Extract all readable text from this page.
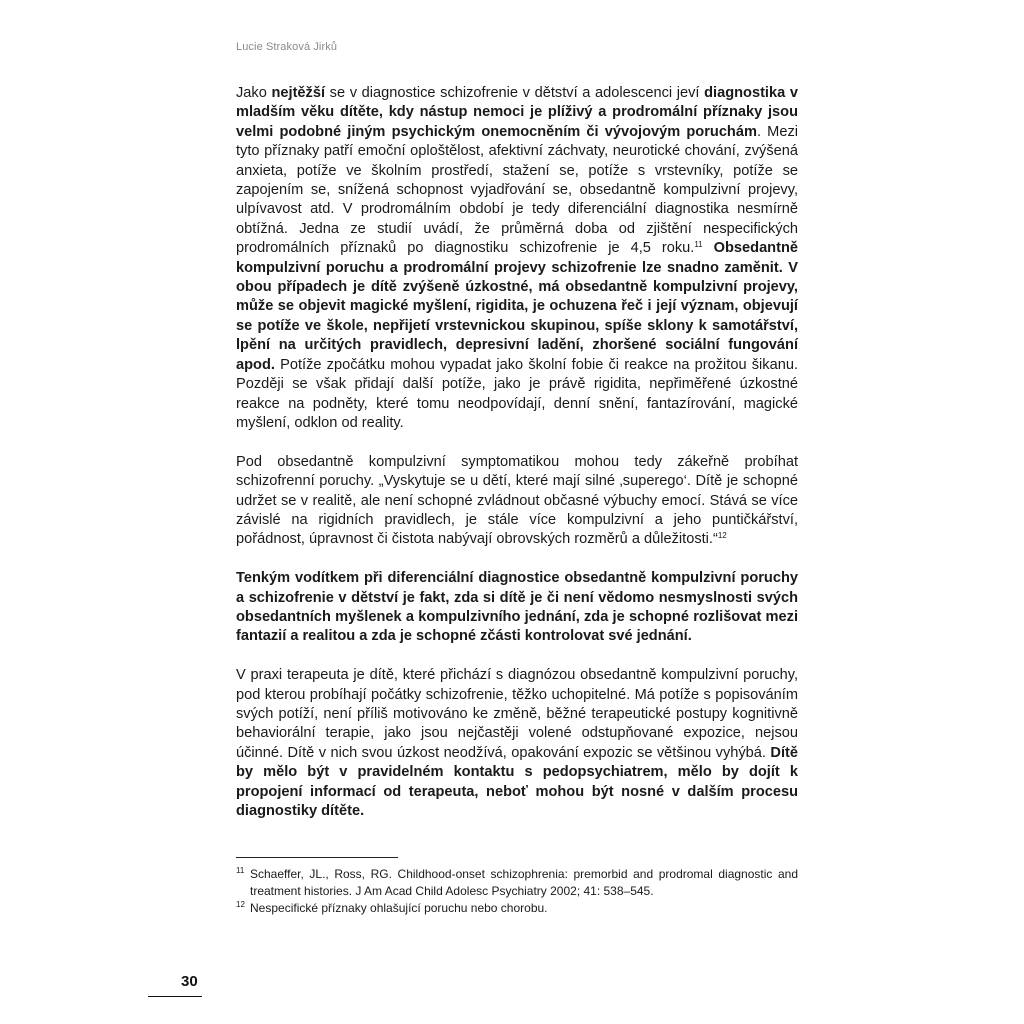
Lucie Straková Jirků

Jako nejtěžší se v diagnostice schizofrenie v dětství a adolescenci jeví diagnostika v mladším věku dítěte, kdy nástup nemoci je plíživý a prodromální příznaky jsou velmi podobné jiným psychickým onemocněním či vývojovým poruchám. Mezi tyto příznaky patří emoční oploštělost, afektivní záchvaty, neurotické chování, zvýšená anxieta, potíže ve školním prostředí, stažení se, potíže s vrstevníky, potíže se zapojením se, snížená schopnost vyjadřování se, obsedantně kompulzivní projevy, ulpívavost atd. V prodromálním období je tedy diferenciální diagnostika nesmírně obtížná. Jedna ze studií uvádí, že průměrná doba od zjištění nespecifických prodromálních příznaků po diagnostiku schizofrenie je 4,5 roku.$^{11}$ Obsedantně kompulzivní poruchu a prodromální projevy schizofrenie lze snadno zaměnit. V obou případech je dítě zvýšeně úzkostné, má obsedantně kompulzivní projevy, může se objevit magické myšlení, rigidita, je ochuzena řeč i její význam, objevují se potíže ve škole, nepřijetí vrstevnickou skupinou, spíše sklony k samotářství, lpění na určitých pravidlech, depresivní ladění, zhoršené sociální fungování apod. Potíže zpočátku mohou vypadat jako školní fobie či reakce na prožitou šikanu. Později se však přidají další potíže, jako je právě rigidita, nepřiměřené úzkostné reakce na podněty, které tomu neodpovídají, denní snění, fantazírování, magické myšlení, odklon od reality.

Pod obsedantně kompulzivní symptomatikou mohou tedy zákeřně probíhat schizofrenní poruchy. „Vyskytuje se u dětí, které mají silné ‚superego‘. Dítě je schopné udržet se v realitě, ale není schopné zvládnout občasné výbuchy emocí. Stává se více závislé na rigidních pravidlech, je stále více kompulzivní a jeho puntičkářství, pořádnost, úpravnost či čistota nabývají obrovských rozměrů a důležitosti.“$^{12}$

Tenkým vodítkem při diferenciální diagnostice obsedantně kompulzivní poruchy a schizofrenie v dětství je fakt, zda si dítě je či není vědomo nesmyslnosti svých obsedantních myšlenek a kompulzivního jednání, zda je schopné rozlišovat mezi fantazií a realitou a zda je schopné zčásti kontrolovat své jednání.

V praxi terapeuta je dítě, které přichází s diagnózou obsedantně kompulzivní poruchy, pod kterou probíhají počátky schizofrenie, těžko uchopitelné. Má potíže s popisováním svých potíží, není příliš motivováno ke změně, běžné terapeutické postupy kognitivně behaviorální terapie, jako jsou nejčastěji volené odstupňované expozice, nejsou účinné. Dítě v nich svou úzkost neodžívá, opakování expozic se většinou vyhýbá. Dítě by mělo být v pravidelném kontaktu s pedopsychiatrem, mělo by dojít k propojení informací od terapeuta, neboť mohou být nosné v dalším procesu diagnostiky dítěte.

11 Schaeffer, JL., Ross, RG. Childhood-onset schizophrenia: premorbid and prodromal diagnostic and treatment histories. J Am Acad Child Adolesc Psychiatry 2002; 41: 538–545.
12 Nespecifické příznaky ohlašující poruchu nebo chorobu.
30
